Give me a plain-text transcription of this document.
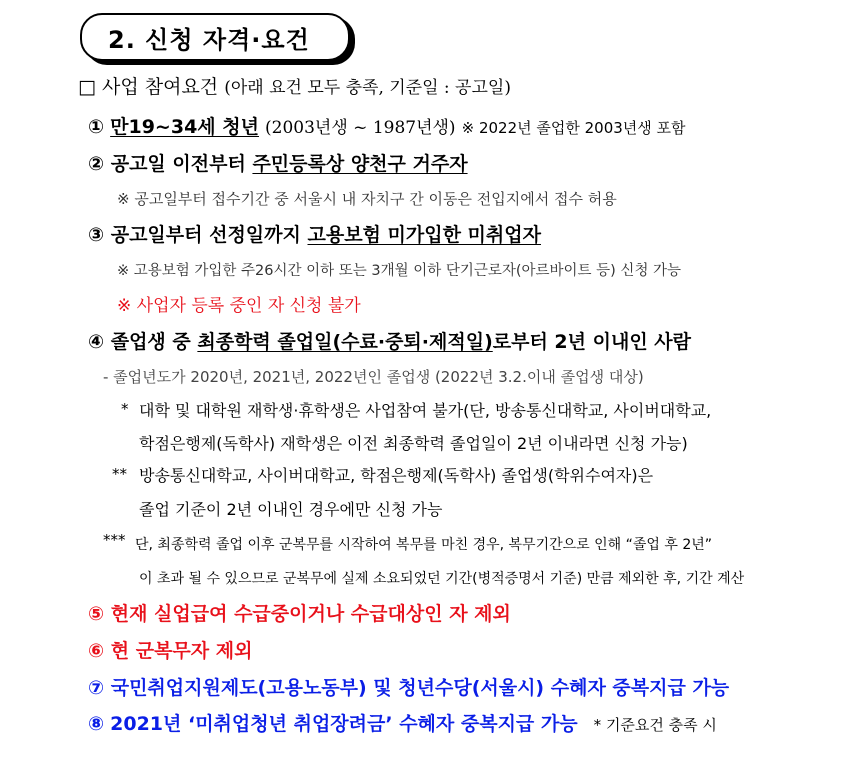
2. 신청 자격·요건
□ 사업 참여요건 (아래 요건 모두 충족, 기준일 : 공고일)
① 만19~34세 청년 (2003년생 ~ 1987년생) ※ 2022년 졸업한 2003년생 포함
② 공고일 이전부터 주민등록상 양천구 거주자
※ 공고일부터 접수기간 중 서울시 내 자치구 간 이동은 전입지에서 접수 허용
③ 공고일부터 선정일까지 고용보험 미가입한 미취업자
※ 고용보험 가입한 주26시간 이하 또는 3개월 이하 단기근로자(아르바이트 등) 신청 가능
※ 사업자 등록 중인 자 신청 불가
④ 졸업생 중 최종학력 졸업일(수료·중퇴·제적일)로부터 2년 이내인 사람
- 졸업년도가 2020년, 2021년, 2022년인 졸업생 (2022년 3.2.이내 졸업생 대상)
* 대학 및 대학원 재학생·휴학생은 사업참여 불가(단, 방송통신대학교, 사이버대학교,
학점은행제(독학사) 재학생은 이전 최종학력 졸업일이 2년 이내라면 신청 가능)
** 방송통신대학교, 사이버대학교, 학점은행제(독학사) 졸업생(학위수여자)은
졸업 기준이 2년 이내인 경우에만 신청 가능
*** 단, 최종학력 졸업 이후 군복무를 시작하여 복무를 마친 경우, 복무기간으로 인해 “졸업 후 2년”
이 초과 될 수 있으므로 군복무에 실제 소요되었던 기간(병적증명서 기준) 만큼 제외한 후, 기간 계산
⑤ 현재 실업급여 수급중이거나 수급대상인 자 제외
⑥ 현 군복무자 제외
⑦ 국민취업지원제도(고용노동부) 및 청년수당(서울시) 수혜자 중복지급 가능
⑧ 2021년 ‘미취업청년 취업장려금’ 수혜자 중복지급 가능 * 기준요건 충족 시
